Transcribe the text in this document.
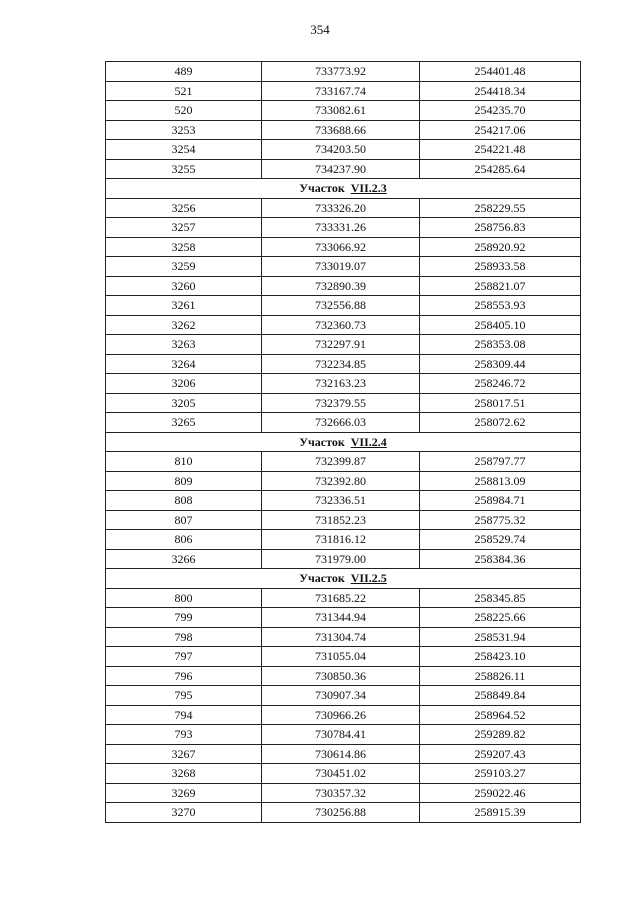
354
489	733773.92	254401.48
521	733167.74	254418.34
520	733082.61	254235.70
3253	733688.66	254217.06
3254	734203.50	254221.48
3255	734237.90	254285.64
Участок VII.2.3		
3256	733326.20	258229.55
3257	733331.26	258756.83
3258	733066.92	258920.92
3259	733019.07	258933.58
3260	732890.39	258821.07
3261	732556.88	258553.93
3262	732360.73	258405.10
3263	732297.91	258353.08
3264	732234.85	258309.44
3206	732163.23	258246.72
3205	732379.55	258017.51
3265	732666.03	258072.62
Участок VII.2.4		
810	732399.87	258797.77
809	732392.80	258813.09
808	732336.51	258984.71
807	731852.23	258775.32
806	731816.12	258529.74
3266	731979.00	258384.36
Участок VII.2.5		
800	731685.22	258345.85
799	731344.94	258225.66
798	731304.74	258531.94
797	731055.04	258423.10
796	730850.36	258826.11
795	730907.34	258849.84
794	730966.26	258964.52
793	730784.41	259289.82
3267	730614.86	259207.43
3268	730451.02	259103.27
3269	730357.32	259022.46
3270	730256.88	258915.39
